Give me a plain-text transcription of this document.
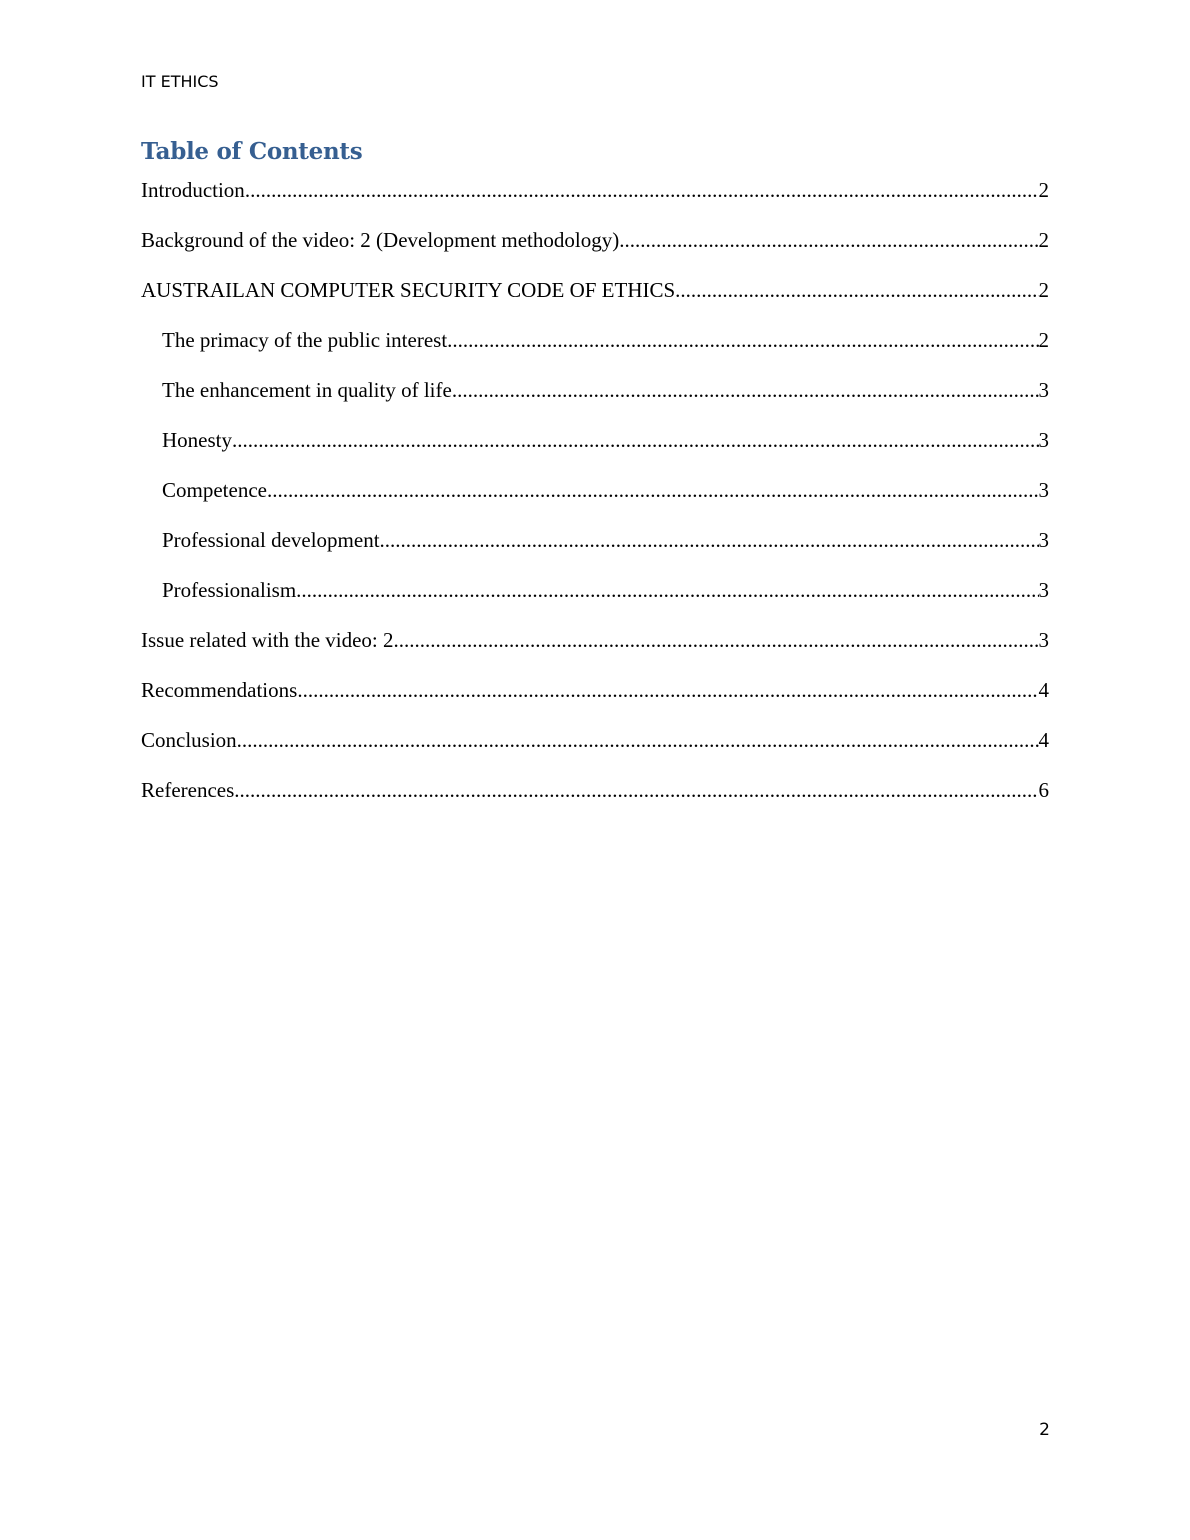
IT ETHICS
Table of Contents
Introduction .....	2
Background of the video: 2 (Development methodology) .....	2
AUSTRAILAN COMPUTER SECURITY CODE OF ETHICS .....	2
The primacy of the public interest .....	2
The enhancement in quality of life .....	3
Honesty .....	3
Competence .....	3
Professional development .....	3
Professionalism .....	3
Issue related with the video: 2 .....	3
Recommendations .....	4
Conclusion .....	4
References .....	6
2
